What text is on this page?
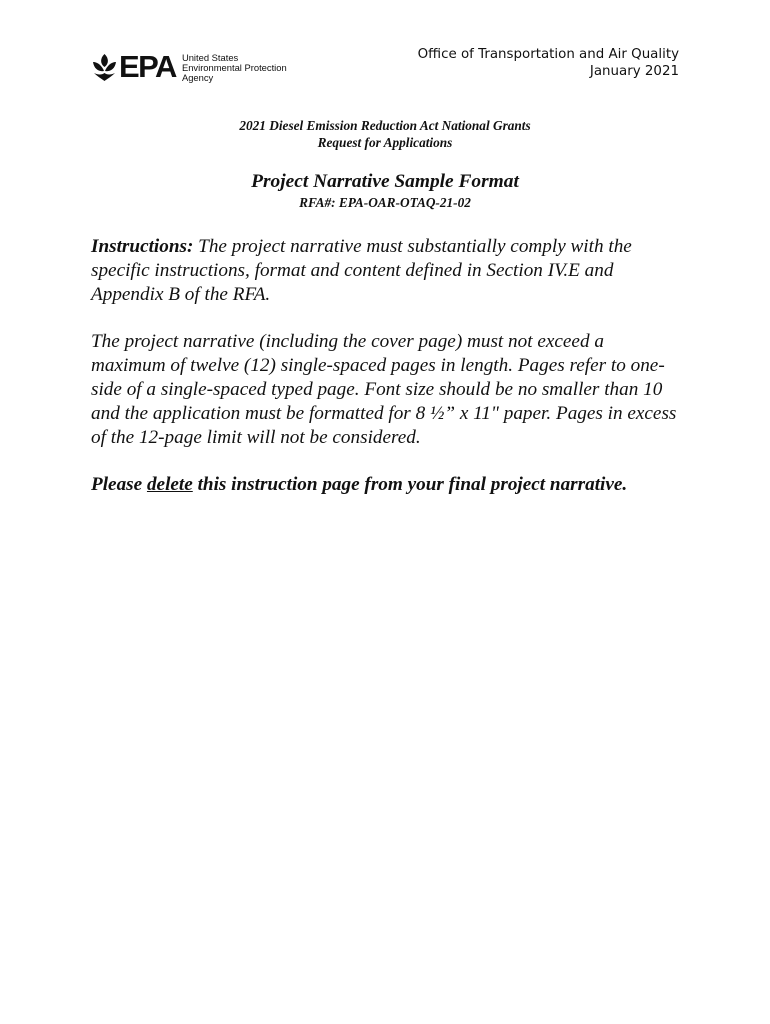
EPA United States
Environmental Protection
Agency
Office of Transportation and Air Quality
January 2021
2021 Diesel Emission Reduction Act National Grants
Request for Applications
Project Narrative Sample Format
RFA#: EPA-OAR-OTAQ-21-02

Instructions: The project narrative must substantially comply with the specific instructions, format and content defined in Section IV.E and Appendix B of the RFA.

The project narrative (including the cover page) must not exceed a maximum of twelve (12) single-spaced pages in length. Pages refer to one-side of a single-spaced typed page. Font size should be no smaller than 10 and the application must be formatted for 8 ½” x 11" paper. Pages in excess of the 12-page limit will not be considered.

Please delete this instruction page from your final project narrative.
